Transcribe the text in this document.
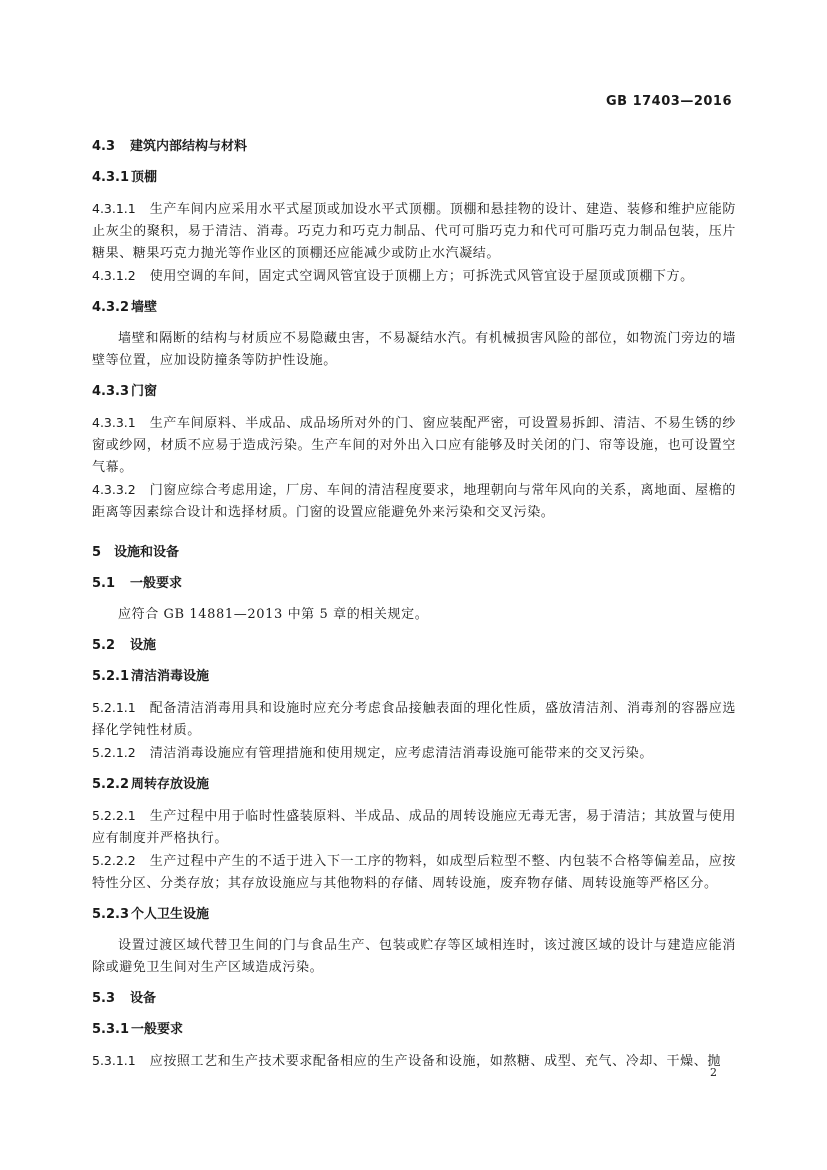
GB 17403—2016
4.3	建筑内部结构与材料
4.3.1 顶棚
4.3.1.1 生产车间内应采用水平式屋顶或加设水平式顶棚。顶棚和悬挂物的设计、建造、装修和维护应能防止灰尘的聚积，易于清洁、消毒。巧克力和巧克力制品、代可可脂巧克力和代可可脂巧克力制品包装，压片糖果、糖果巧克力抛光等作业区的顶棚还应能减少或防止水汽凝结。
4.3.1.2 使用空调的车间，固定式空调风管宜设于顶棚上方；可拆洗式风管宜设于屋顶或顶棚下方。
4.3.2 墙壁
墙壁和隔断的结构与材质应不易隐藏虫害，不易凝结水汽。有机械损害风险的部位，如物流门旁边的墙壁等位置，应加设防撞条等防护性设施。
4.3.3 门窗
4.3.3.1 生产车间原料、半成品、成品场所对外的门、窗应装配严密，可设置易拆卸、清洁、不易生锈的纱窗或纱网，材质不应易于造成污染。生产车间的对外出入口应有能够及时关闭的门、帘等设施，也可设置空气幕。
4.3.3.2 门窗应综合考虑用途，厂房、车间的清洁程度要求，地理朝向与常年风向的关系，离地面、屋檐的距离等因素综合设计和选择材质。门窗的设置应能避免外来污染和交叉污染。
5 设施和设备
5.1	一般要求
应符合 GB 14881—2013 中第 5 章的相关规定。
5.2	设施
5.2.1 清洁消毒设施
5.2.1.1 配备清洁消毒用具和设施时应充分考虑食品接触表面的理化性质，盛放清洁剂、消毒剂的容器应选择化学钝性材质。
5.2.1.2 清洁消毒设施应有管理措施和使用规定，应考虑清洁消毒设施可能带来的交叉污染。
5.2.2 周转存放设施
5.2.2.1 生产过程中用于临时性盛装原料、半成品、成品的周转设施应无毒无害，易于清洁；其放置与使用应有制度并严格执行。
5.2.2.2 生产过程中产生的不适于进入下一工序的物料，如成型后粒型不整、内包装不合格等偏差品，应按特性分区、分类存放；其存放设施应与其他物料的存储、周转设施，废弃物存储、周转设施等严格区分。
5.2.3 个人卫生设施
设置过渡区域代替卫生间的门与食品生产、包装或贮存等区域相连时，该过渡区域的设计与建造应能消除或避免卫生间对生产区域造成污染。
5.3	设备
5.3.1 一般要求
5.3.1.1 应按照工艺和生产技术要求配备相应的生产设备和设施，如熬糖、成型、充气、冷却、干燥、抛
2
